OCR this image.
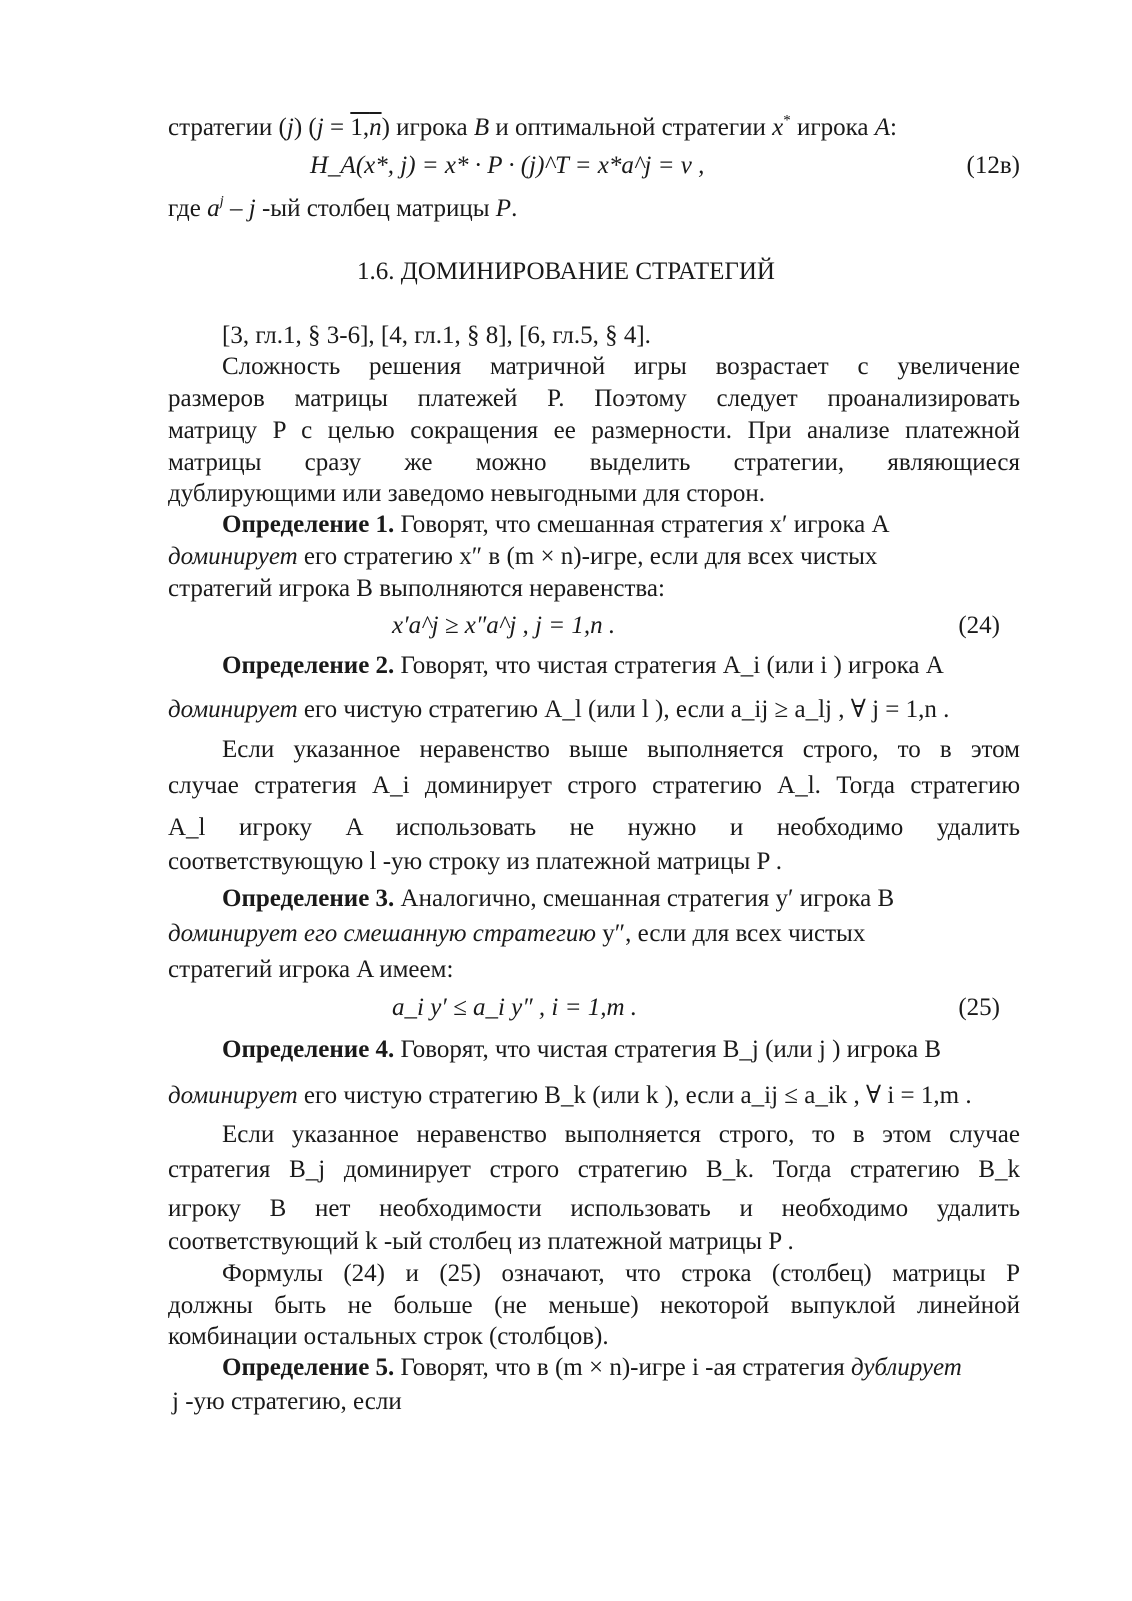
стратегии (j) (j = 1,n) игрока B и оптимальной стратегии x* игрока A:
H_A(x*, j) = x* · P · (j)^T = x*a^j = v ,	(12в)
где $a^j$ – j -ый столбец матрицы P.
1.6. ДОМИНИРОВАНИЕ СТРАТЕГИЙ
[3, гл.1, § 3-6], [4, гл.1, § 8], [6, гл.5, § 4].
Сложность решения матричной игры возрастает с увеличение
размеров матрицы платежей P. Поэтому следует проанализировать
матрицу P с целью сокращения ее размерности. При анализе платежной
матрицы сразу же можно выделить стратегии, являющиеся
дублирующими или заведомо невыгодными для сторон.
Определение 1. Говорят, что смешанная стратегия x′ игрока A
доминирует его стратегию x″ в (m × n)-игре, если для всех чистых
стратегий игрока B выполняются неравенства:
x′a^j ≥ x″a^j , j = 1,n .	(24)
Определение 2. Говорят, что чистая стратегия A_i (или i ) игрока A
доминирует его чистую стратегию A_l (или l ), если a_ij ≥ a_lj , ∀ j = 1,n .
Если указанное неравенство выше выполняется строго, то в этом
случае стратегия A_i доминирует строго стратегию A_l. Тогда стратегию
A_l игроку A использовать не нужно и необходимо удалить
соответствующую l -ую строку из платежной матрицы P .
Определение 3. Аналогично, смешанная стратегия y′ игрока B
доминирует его смешанную стратегию y″, если для всех чистых
стратегий игрока A имеем:
a_i y′ ≤ a_i y″ , i = 1,m .	(25)
Определение 4. Говорят, что чистая стратегия B_j (или j ) игрока B
доминирует его чистую стратегию B_k (или k ), если a_ij ≤ a_ik , ∀ i = 1,m .
Если указанное неравенство выполняется строго, то в этом случае
стратегия B_j доминирует строго стратегию B_k. Тогда стратегию B_k
игроку B нет необходимости использовать и необходимо удалить
соответствующий k -ый столбец из платежной матрицы P .
Формулы (24) и (25) означают, что строка (столбец) матрицы P
должны быть не больше (не меньше) некоторой выпуклой линейной
комбинации остальных строк (столбцов).
Определение 5. Говорят, что в (m × n)-игре i -ая стратегия дублирует
j -ую стратегию, если
